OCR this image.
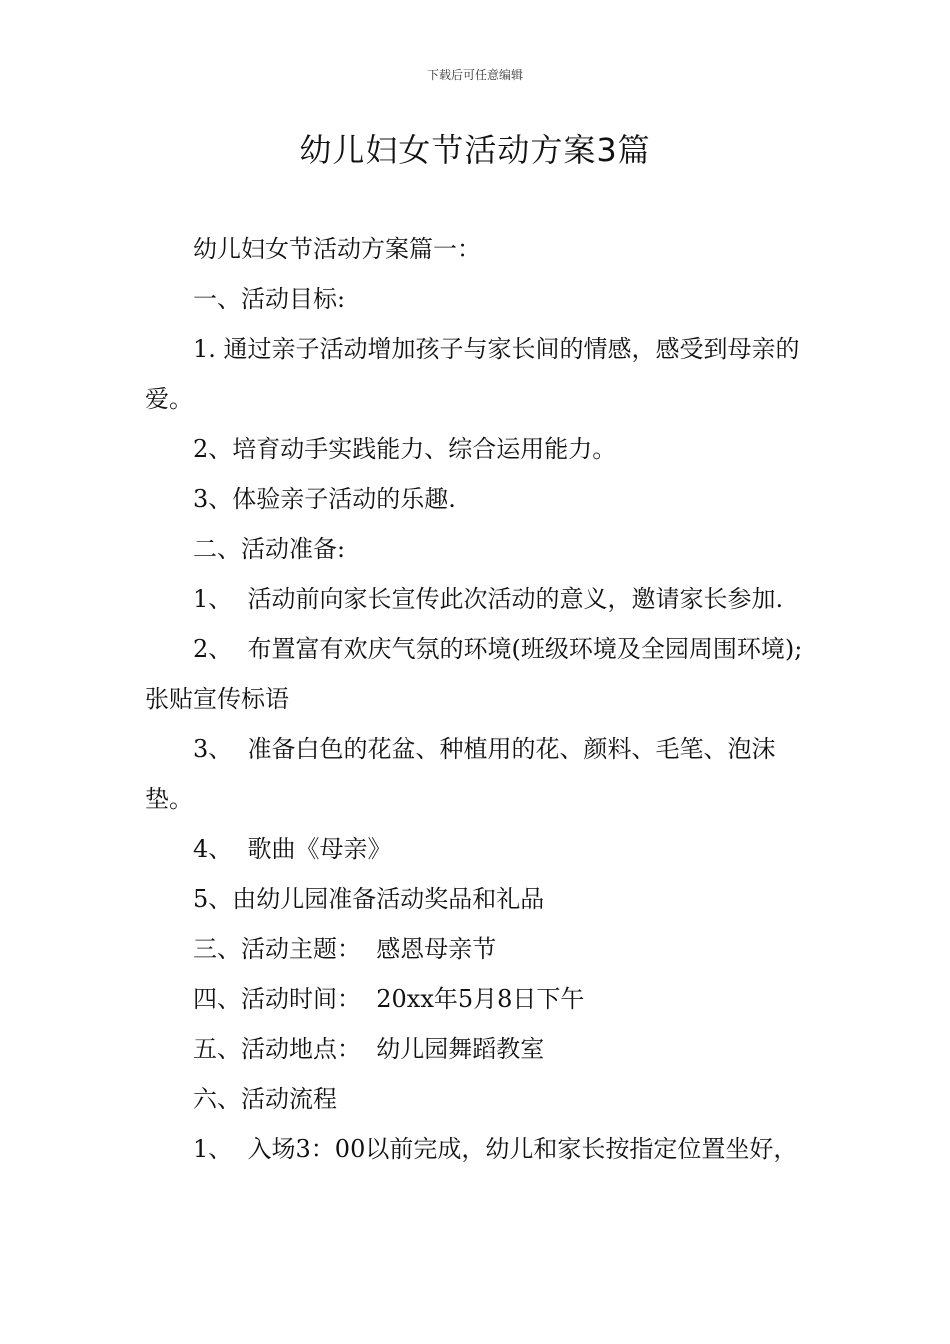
下载后可任意编辑
幼儿妇女节活动方案3篇

幼儿妇女节活动方案篇一：

一、活动目标:

1. 通过亲子活动增加孩子与家长间的情感，感受到母亲的爱。

2、培育动手实践能力、综合运用能力。

3、体验亲子活动的乐趣.

二、活动准备:

1、  活动前向家长宣传此次活动的意义，邀请家长参加.

2、  布置富有欢庆气氛的环境(班级环境及全园周围环境);张贴宣传标语

3、  准备白色的花盆、种植用的花、颜料、毛笔、泡沫垫。

4、  歌曲《母亲》

5、由幼儿园准备活动奖品和礼品

三、活动主题：  感恩母亲节

四、活动时间：  20xx年5月8日下午

五、活动地点：  幼儿园舞蹈教室

六、活动流程

1、  入场3：00以前完成，幼儿和家长按指定位置坐好，
